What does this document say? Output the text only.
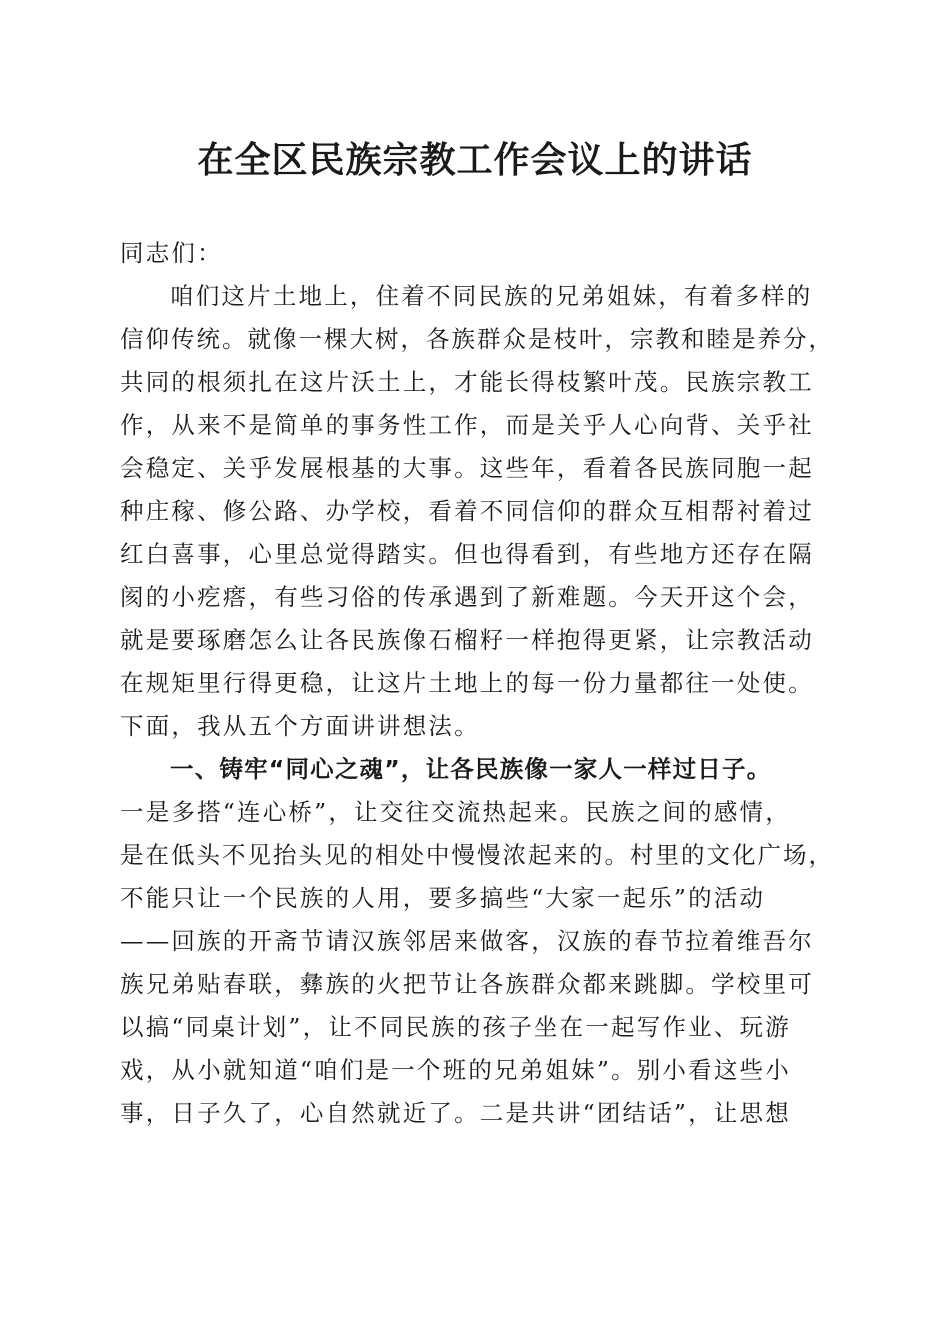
在全区民族宗教工作会议上的讲话

同志们：

咱们这片土地上，住着不同民族的兄弟姐妹，有着多样的

信仰传统。就像一棵大树，各族群众是枝叶，宗教和睦是养分，

共同的根须扎在这片沃土上，才能长得枝繁叶茂。民族宗教工

作，从来不是简单的事务性工作，而是关乎人心向背、关乎社

会稳定、关乎发展根基的大事。这些年，看着各民族同胞一起

种庄稼、修公路、办学校，看着不同信仰的群众互相帮衬着过

红白喜事，心里总觉得踏实。但也得看到，有些地方还存在隔

阂的小疙瘩，有些习俗的传承遇到了新难题。今天开这个会，

就是要琢磨怎么让各民族像石榴籽一样抱得更紧，让宗教活动

在规矩里行得更稳，让这片土地上的每一份力量都往一处使。

下面，我从五个方面讲讲想法。

一、铸牢“同心之魂”，让各民族像一家人一样过日子。

一是多搭“连心桥”，让交往交流热起来。民族之间的感情，

是在低头不见抬头见的相处中慢慢浓起来的。村里的文化广场，

不能只让一个民族的人用，要多搞些“大家一起乐”的活动

——回族的开斋节请汉族邻居来做客，汉族的春节拉着维吾尔

族兄弟贴春联，彝族的火把节让各族群众都来跳脚。学校里可

以搞“同桌计划”，让不同民族的孩子坐在一起写作业、玩游

戏，从小就知道“咱们是一个班的兄弟姐妹”。别小看这些小

事，日子久了，心自然就近了。二是共讲“团结话”，让思想
